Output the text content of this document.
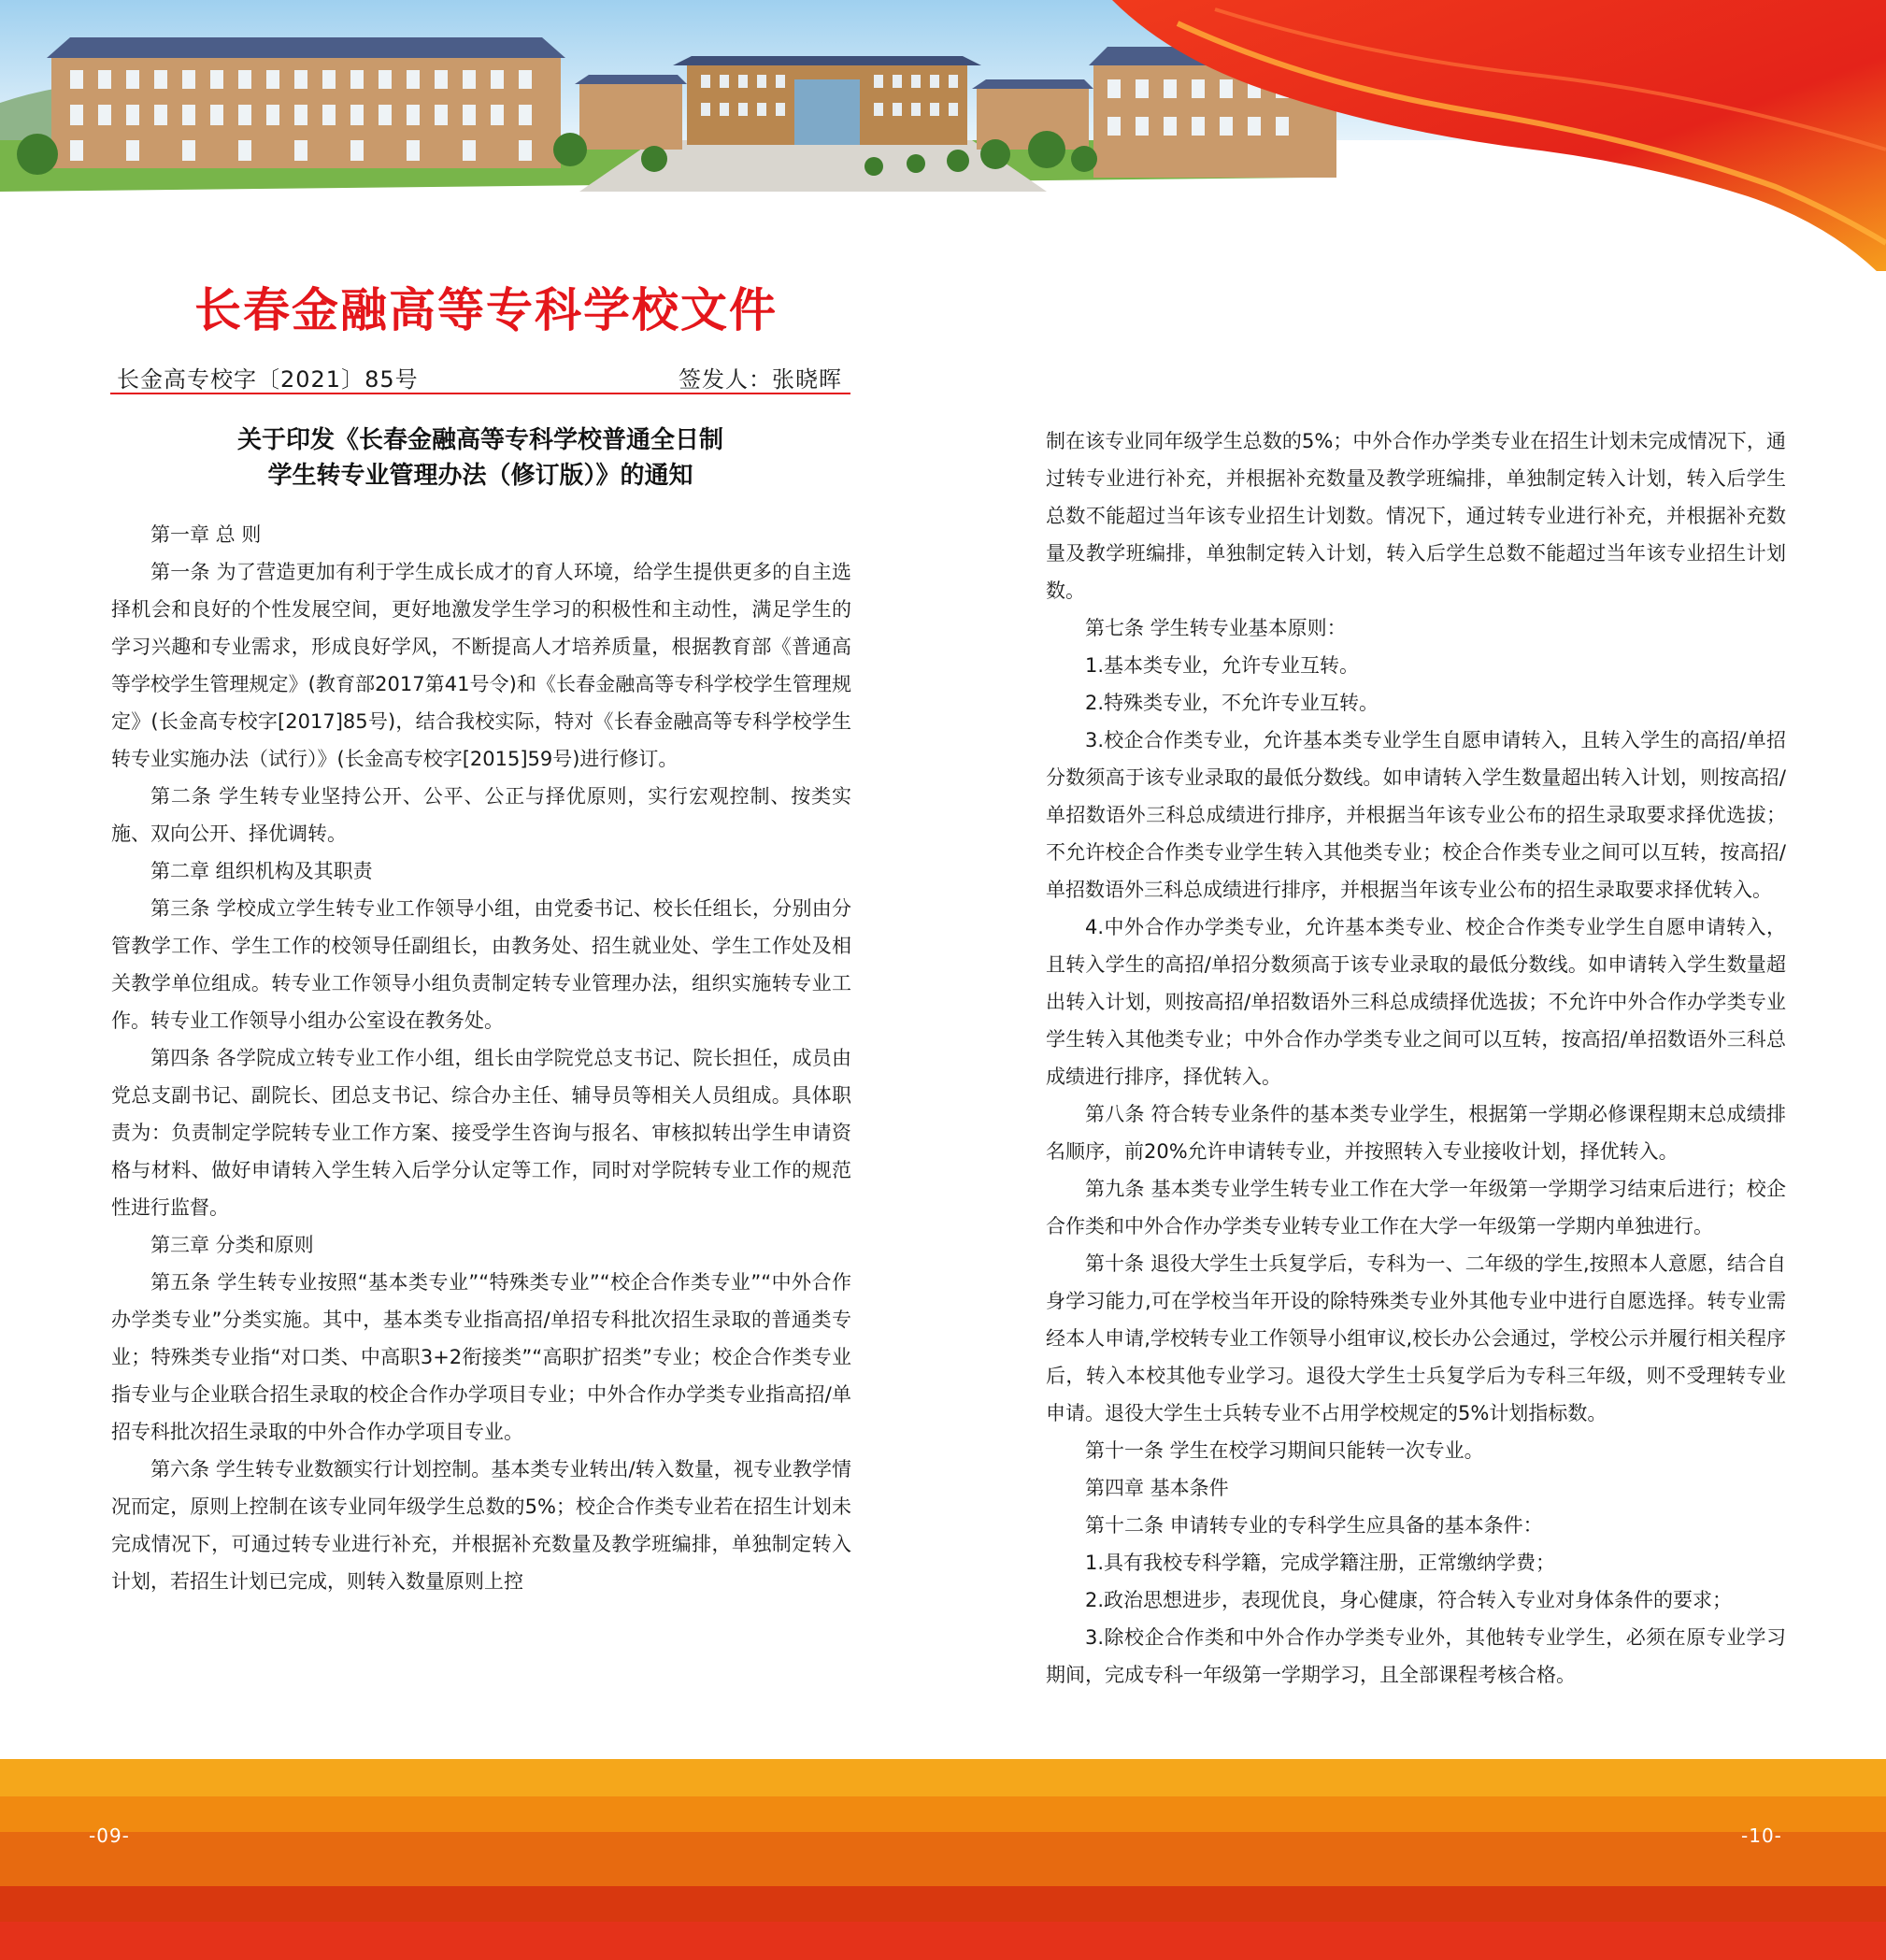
长春金融高等专科学校文件
长金高专校字〔2021〕85号	签发人：张晓晖
关于印发《长春金融高等专科学校普通全日制
学生转专业管理办法（修订版）》的通知

第一章 总 则

第一条 为了营造更加有利于学生成长成才的育人环境，给学生提供更多的自主选择机会和良好的个性发展空间，更好地激发学生学习的积极性和主动性，满足学生的学习兴趣和专业需求，形成良好学风，不断提高人才培养质量，根据教育部《普通高等学校学生管理规定》(教育部2017第41号令)和《长春金融高等专科学校学生管理规定》(长金高专校字[2017]85号)，结合我校实际，特对《长春金融高等专科学校学生转专业实施办法（试行）》(长金高专校字[2015]59号)进行修订。

第二条 学生转专业坚持公开、公平、公正与择优原则，实行宏观控制、按类实施、双向公开、择优调转。

第二章 组织机构及其职责

第三条 学校成立学生转专业工作领导小组，由党委书记、校长任组长，分别由分管教学工作、学生工作的校领导任副组长，由教务处、招生就业处、学生工作处及相关教学单位组成。转专业工作领导小组负责制定转专业管理办法，组织实施转专业工作。转专业工作领导小组办公室设在教务处。

第四条 各学院成立转专业工作小组，组长由学院党总支书记、院长担任，成员由党总支副书记、副院长、团总支书记、综合办主任、辅导员等相关人员组成。具体职责为：负责制定学院转专业工作方案、接受学生咨询与报名、审核拟转出学生申请资格与材料、做好申请转入学生转入后学分认定等工作，同时对学院转专业工作的规范性进行监督。

第三章 分类和原则

第五条 学生转专业按照“基本类专业”“特殊类专业”“校企合作类专业”“中外合作办学类专业”分类实施。其中，基本类专业指高招/单招专科批次招生录取的普通类专业；特殊类专业指“对口类、中高职3+2衔接类”“高职扩招类”专业；校企合作类专业指专业与企业联合招生录取的校企合作办学项目专业；中外合作办学类专业指高招/单招专科批次招生录取的中外合作办学项目专业。

第六条 学生转专业数额实行计划控制。基本类专业转出/转入数量，视专业教学情况而定，原则上控制在该专业同年级学生总数的5%；校企合作类专业若在招生计划未完成情况下，可通过转专业进行补充，并根据补充数量及教学班编排，单独制定转入计划，若招生计划已完成，则转入数量原则上控

制在该专业同年级学生总数的5%；中外合作办学类专业在招生计划未完成情况下，通过转专业进行补充，并根据补充数量及教学班编排，单独制定转入计划，转入后学生总数不能超过当年该专业招生计划数。情况下，通过转专业进行补充，并根据补充数量及教学班编排，单独制定转入计划，转入后学生总数不能超过当年该专业招生计划数。

第七条 学生转专业基本原则：

1.基本类专业，允许专业互转。

2.特殊类专业，不允许专业互转。

3.校企合作类专业，允许基本类专业学生自愿申请转入，且转入学生的高招/单招分数须高于该专业录取的最低分数线。如申请转入学生数量超出转入计划，则按高招/单招数语外三科总成绩进行排序，并根据当年该专业公布的招生录取要求择优选拔；不允许校企合作类专业学生转入其他类专业；校企合作类专业之间可以互转，按高招/单招数语外三科总成绩进行排序，并根据当年该专业公布的招生录取要求择优转入。

4.中外合作办学类专业，允许基本类专业、校企合作类专业学生自愿申请转入，且转入学生的高招/单招分数须高于该专业录取的最低分数线。如申请转入学生数量超出转入计划，则按高招/单招数语外三科总成绩择优选拔；不允许中外合作办学类专业学生转入其他类专业；中外合作办学类专业之间可以互转，按高招/单招数语外三科总成绩进行排序，择优转入。

第八条 符合转专业条件的基本类专业学生，根据第一学期必修课程期末总成绩排名顺序，前20%允许申请转专业，并按照转入专业接收计划，择优转入。

第九条 基本类专业学生转专业工作在大学一年级第一学期学习结束后进行；校企合作类和中外合作办学类专业转专业工作在大学一年级第一学期内单独进行。

第十条 退役大学生士兵复学后，专科为一、二年级的学生,按照本人意愿，结合自身学习能力,可在学校当年开设的除特殊类专业外其他专业中进行自愿选择。转专业需经本人申请,学校转专业工作领导小组审议,校长办公会通过，学校公示并履行相关程序后，转入本校其他专业学习。退役大学生士兵复学后为专科三年级，则不受理转专业申请。退役大学生士兵转专业不占用学校规定的5%计划指标数。

第十一条 学生在校学习期间只能转一次专业。

第四章 基本条件

第十二条 申请转专业的专科学生应具备的基本条件：

1.具有我校专科学籍，完成学籍注册，正常缴纳学费；

2.政治思想进步，表现优良，身心健康，符合转入专业对身体条件的要求；

3.除校企合作类和中外合作办学类专业外，其他转专业学生，必须在原专业学习期间，完成专科一年级第一学期学习，且全部课程考核合格。

-09-	-10-
